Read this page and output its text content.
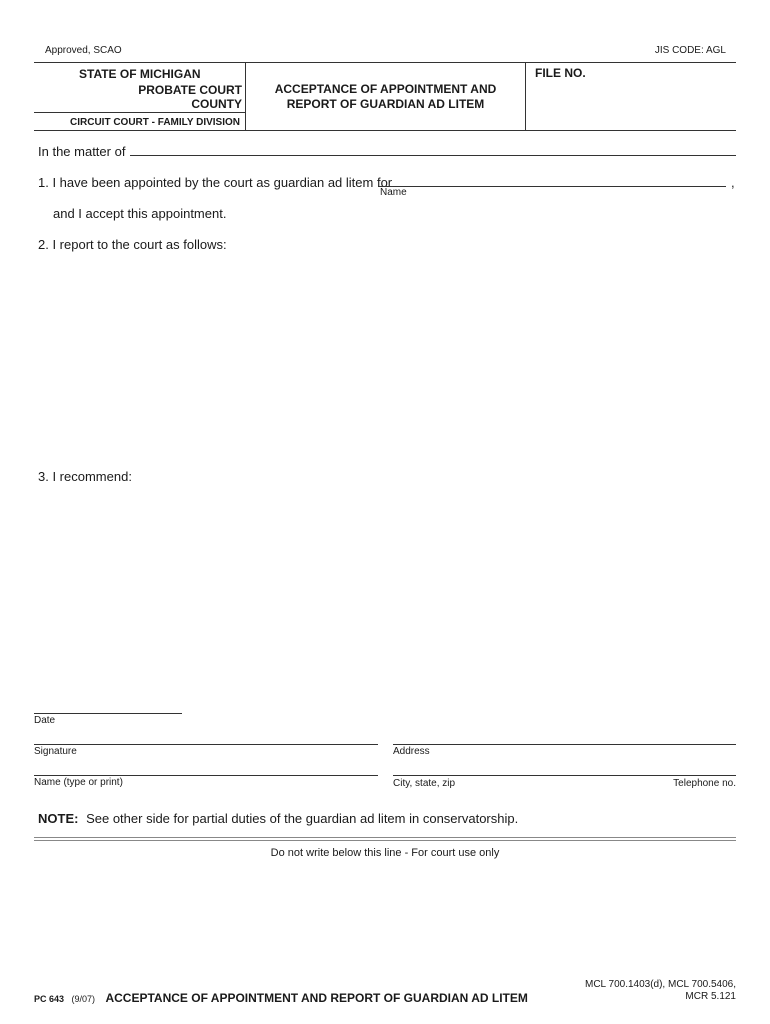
Approved, SCAO	JIS CODE: AGL
STATE OF MICHIGAN
PROBATE COURT
COUNTY
CIRCUIT COURT - FAMILY DIVISION
ACCEPTANCE OF APPOINTMENT AND
REPORT OF GUARDIAN AD LITEM
FILE NO.
In the matter of
1. I have been appointed by the court as guardian ad litem for	,
Name
and I accept this appointment.
2. I report to the court as follows:
3. I recommend:
Date
Signature	Address
Name (type or print)	City, state, zip	Telephone no.
NOTE: See other side for partial duties of the guardian ad litem in conservatorship.
Do not write below this line - For court use only
PC 643 (9/07) ACCEPTANCE OF APPOINTMENT AND REPORT OF GUARDIAN AD LITEM
MCL 700.1403(d), MCL 700.5406,
MCR 5.121
